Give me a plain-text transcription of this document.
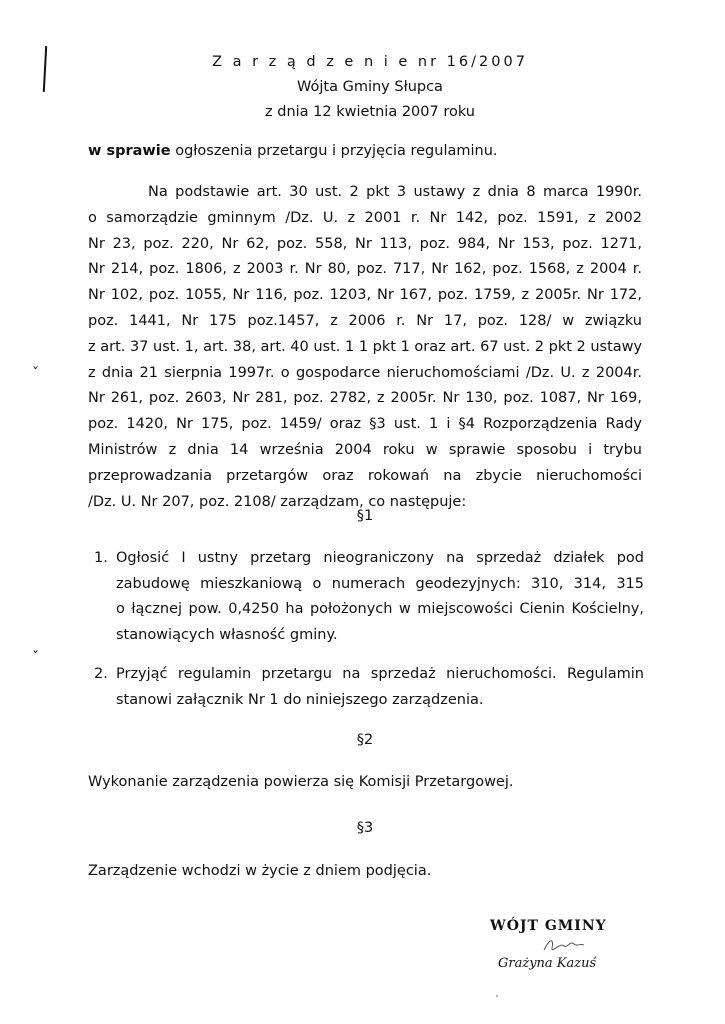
ˇ
ˇ
Z a r z ą d z e n i e nr 16/2007
Wójta Gminy Słupca
z dnia 12 kwietnia 2007 roku
w sprawie ogłoszenia przetargu i przyjęcia regulaminu.
Na podstawie art. 30 ust. 2 pkt 3 ustawy z dnia 8 marca 1990r.
o samorządzie gminnym /Dz. U. z 2001 r. Nr 142, poz. 1591, z 2002
Nr 23, poz. 220, Nr 62, poz. 558, Nr 113, poz. 984, Nr 153, poz. 1271,
Nr 214, poz. 1806, z 2003 r. Nr 80, poz. 717, Nr 162, poz. 1568, z 2004 r.
Nr 102, poz. 1055, Nr 116, poz. 1203, Nr 167, poz. 1759, z 2005r. Nr 172,
poz. 1441, Nr 175 poz.1457, z 2006 r. Nr 17, poz. 128/ w związku
z art. 37 ust. 1, art. 38, art. 40 ust. 1 1 pkt 1 oraz art. 67 ust. 2 pkt 2 ustawy
z dnia 21 sierpnia 1997r. o gospodarce nieruchomościami /Dz. U. z 2004r.
Nr 261, poz. 2603, Nr 281, poz. 2782, z 2005r. Nr 130, poz. 1087, Nr 169,
poz. 1420, Nr 175, poz. 1459/ oraz §3 ust. 1 i §4 Rozporządzenia Rady
Ministrów z dnia 14 września 2004 roku w sprawie sposobu i trybu
przeprowadzania przetargów oraz rokowań na zbycie nieruchomości
/Dz. U. Nr 207, poz. 2108/ zarządzam, co następuje:
§1
1. Ogłosić I ustny przetarg nieograniczony na sprzedaż działek pod
zabudowę mieszkaniową o numerach geodezyjnych: 310, 314, 315
o łącznej pow. 0,4250 ha położonych w miejscowości Cienin Kościelny,
stanowiących własność gminy.
2. Przyjąć regulamin przetargu na sprzedaż nieruchomości. Regulamin
stanowi załącznik Nr 1 do niniejszego zarządzenia.
§2
Wykonanie zarządzenia powierza się Komisji Przetargowej.
§3
Zarządzenie wchodzi w życie z dniem podjęcia.
WÓJT GMINY
Grażyna Kazuś
